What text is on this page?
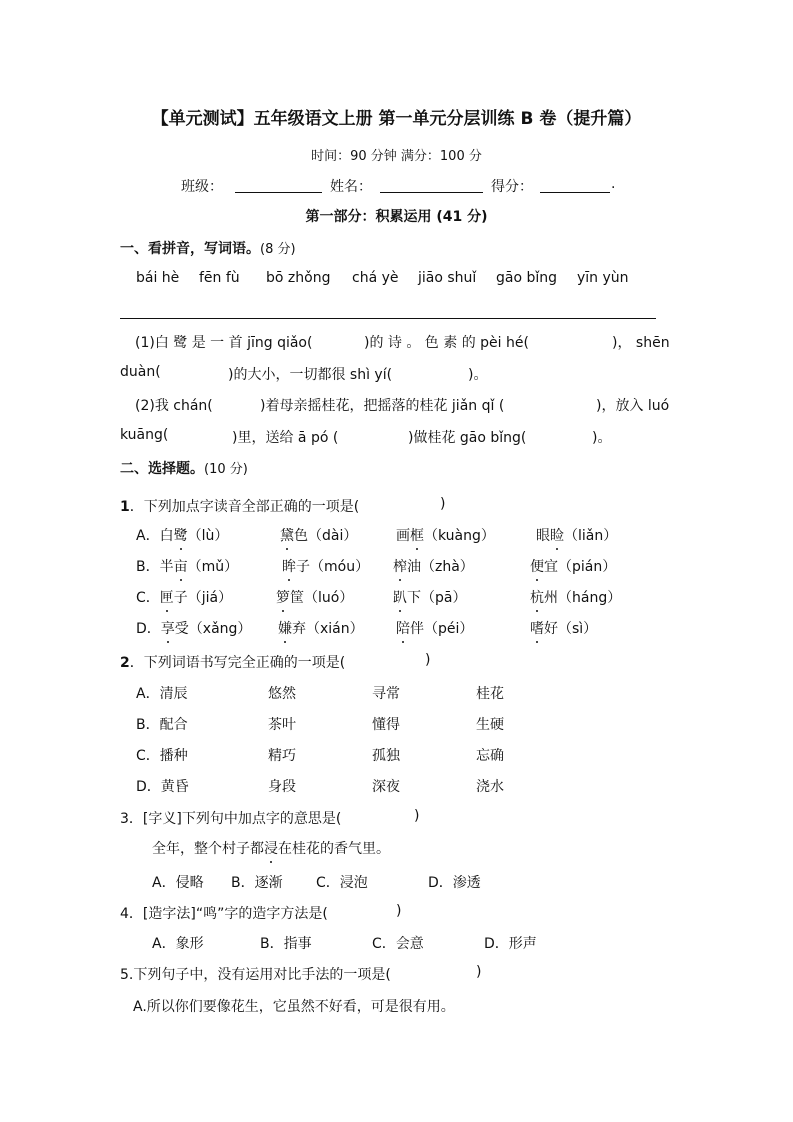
【单元测试】五年级语文上册 第一单元分层训练 B 卷（提升篇）
时间：90 分钟 满分：100 分
班级：	姓名：	得分：	.
第一部分：积累运用 (41 分)
一、看拼音，写词语。(8 分)
bái hè fēn fù bō zhǒng chá yè jiāo shuǐ gāo bǐng yīn yùn
(1)白 鹭 是 一 首 jīng qiǎo(	)的 诗 。 色 素 的 pèi hé(	)， shēn
duàn(	)的大小，一切都很 shì yí(	)。
(2)我 chán(	)着母亲摇桂花，把摇落的桂花 jiǎn qǐ (	)，放入 luó
kuāng(	)里，送给 ā pó (	)做桂花 gāo bǐng(	)。
二、选择题。(10 分)
1．下列加点字读音全部正确的一项是(	)
A．白鹭（lù）	黛色（dài）	画框（kuàng）	眼睑（liǎn）
B．半亩（mǔ）	眸子（móu） 榨油（zhà）	便宜（pián）
C．匣子（jiá）	箩筐（luó）	趴下（pā）	杭州（háng）
D．享受（xǎng） 嫌弃（xián） 陪伴（péi）	嗜好（sì）
2．下列词语书写完全正确的一项是(	)
A．清辰	悠然	寻常	桂花
B．配合	茶叶	懂得	生硬
C．播种	精巧	孤独	忘确
D．黄昏	身段	深夜	浇水
3．[字义]下列句中加点字的意思是(	)
全年，整个村子都浸在桂花的香气里。
A．侵略 B．逐渐 C．浸泡	D．渗透
4．[造字法]“鸣”字的造字方法是(	)
A．象形	B．指事	C．会意	D．形声
5.下列句子中，没有运用对比手法的一项是(	)
A.所以你们要像花生，它虽然不好看，可是很有用。
